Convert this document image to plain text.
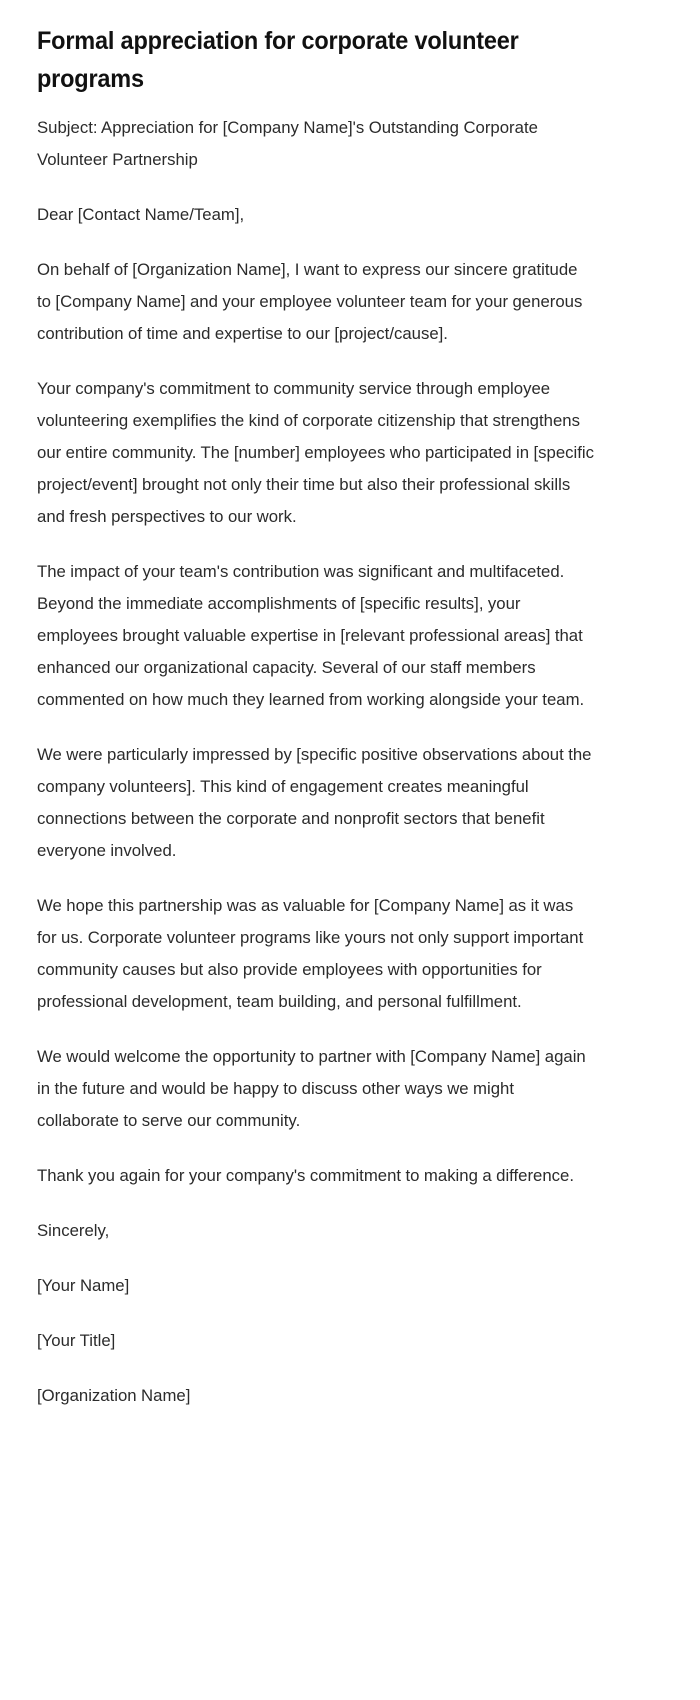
Formal appreciation for corporate volunteer programs

Subject: Appreciation for [Company Name]'s Outstanding Corporate Volunteer Partnership

Dear [Contact Name/Team],

On behalf of [Organization Name], I want to express our sincere gratitude to [Company Name] and your employee volunteer team for your generous contribution of time and expertise to our [project/cause].

Your company's commitment to community service through employee volunteering exemplifies the kind of corporate citizenship that strengthens our entire community. The [number] employees who participated in [specific project/event] brought not only their time but also their professional skills and fresh perspectives to our work.

The impact of your team's contribution was significant and multifaceted. Beyond the immediate accomplishments of [specific results], your employees brought valuable expertise in [relevant professional areas] that enhanced our organizational capacity. Several of our staff members commented on how much they learned from working alongside your team.

We were particularly impressed by [specific positive observations about the company volunteers]. This kind of engagement creates meaningful connections between the corporate and nonprofit sectors that benefit everyone involved.

We hope this partnership was as valuable for [Company Name] as it was for us. Corporate volunteer programs like yours not only support important community causes but also provide employees with opportunities for professional development, team building, and personal fulfillment.

We would welcome the opportunity to partner with [Company Name] again in the future and would be happy to discuss other ways we might collaborate to serve our community.

Thank you again for your company's commitment to making a difference.

Sincerely,

[Your Name]

[Your Title]

[Organization Name]
